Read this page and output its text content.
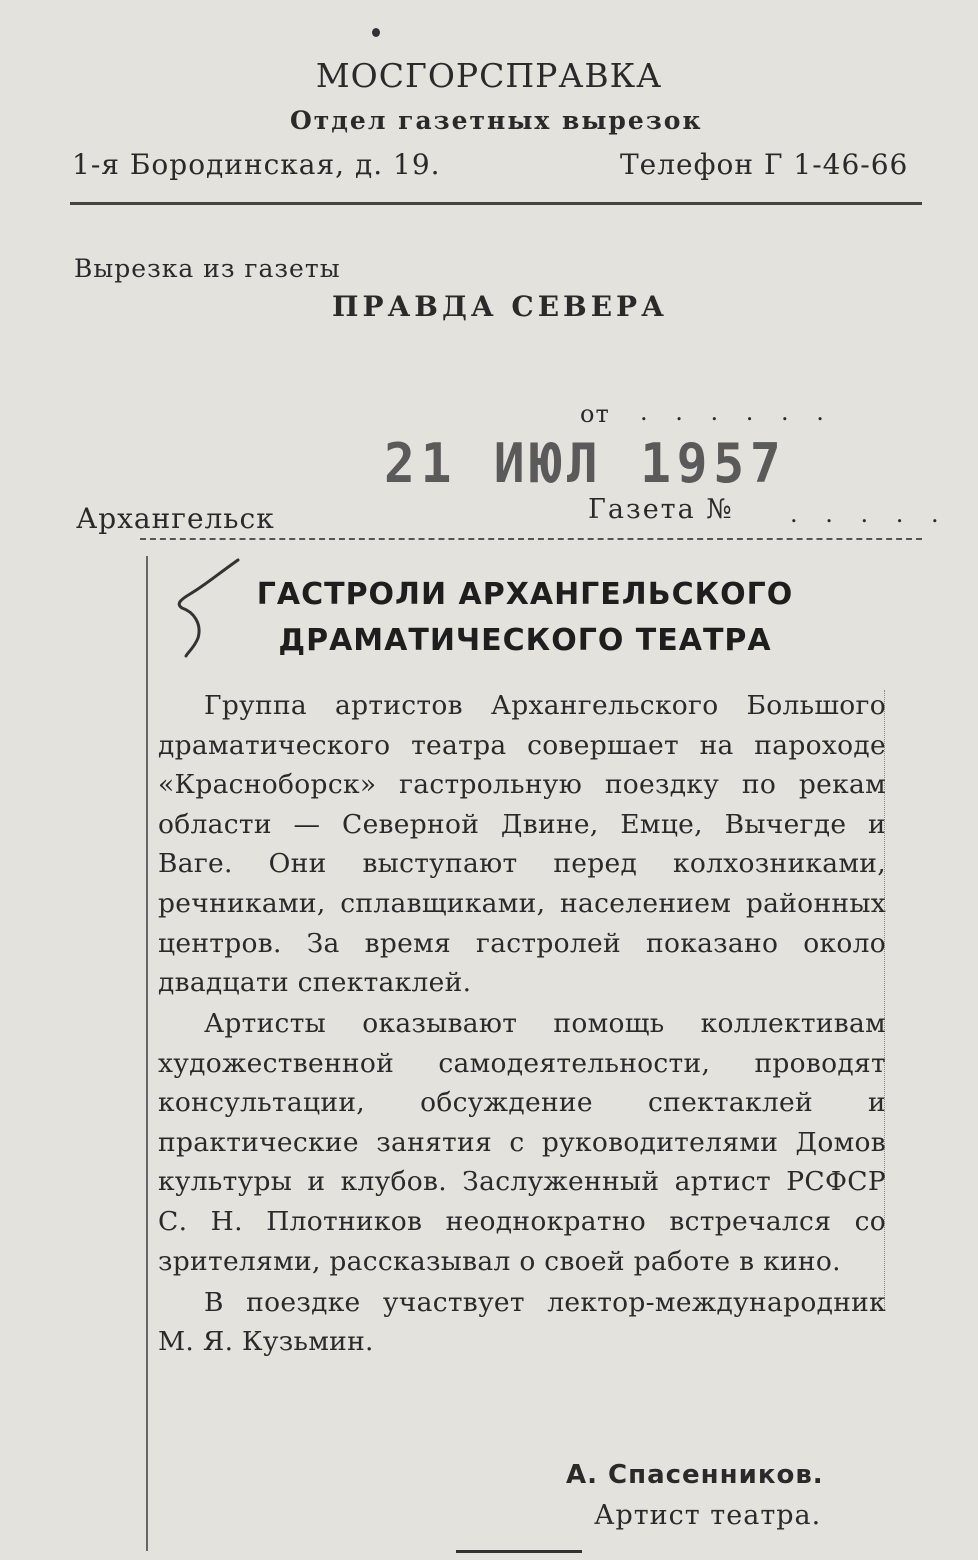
МОСГОРСПРАВКА
Отдел газетных вырезок
1-я Бородинская, д. 19.	Телефон Г 1-46-66
Вырезка из газеты
ПРАВДА СЕВЕРА
от . . . . . .
21 ИЮЛ 1957
Архангельск	Газета № . . . . .
ГАСТРОЛИ АРХАНГЕЛЬСКОГО
ДРАМАТИЧЕСКОГО ТЕАТРА

Группа артистов Архангельского Большого драматического театра совершает на пароходе «Красноборск» гастрольную поездку по рекам области — Северной Двине, Емце, Вычегде и Ваге. Они выступают перед колхозниками, речниками, сплавщиками, населением районных центров. За время гастролей показано около двадцати спектаклей.

Артисты оказывают помощь коллективам художественной самодеятельности, проводят консультации, обсуждение спектаклей и практические занятия с руководителями Домов культуры и клубов. Заслуженный артист РСФСР С. Н. Плотников неоднократно встречался со зрителями, рассказывал о своей работе в кино.

В поездке участвует лектор-международник М. Я. Кузьмин.

А. Спасенников.
Артист театра.
